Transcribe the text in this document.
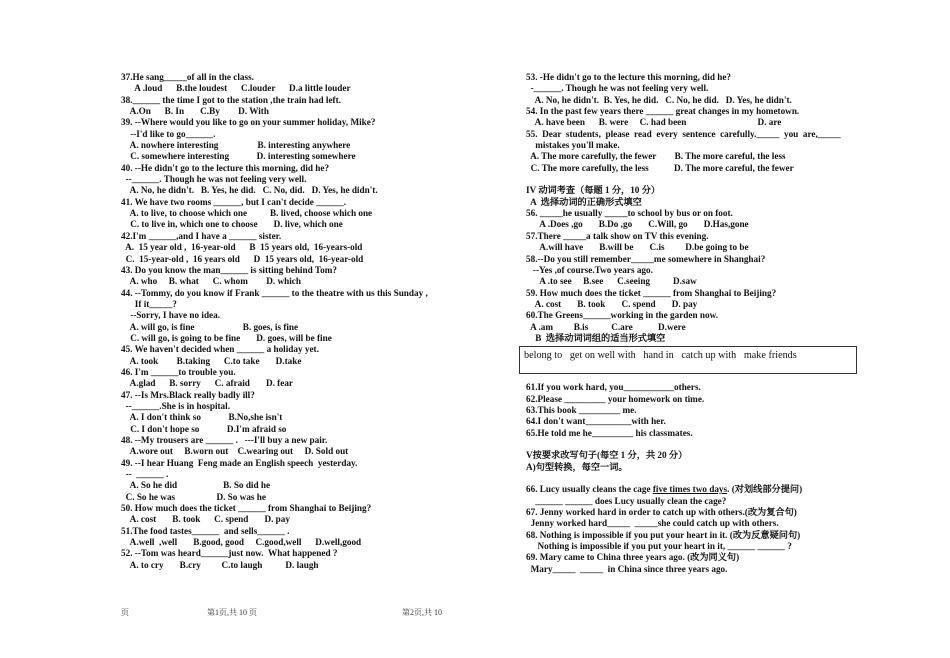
37.He sang_____of all in the class.
A .loud      B.the loudest      C.louder      D.a little louder
38.______ the time I got to the station ,the train had left.
A.On      B. In       C.By        D. With
39. --Where would you like to go on your summer holiday, Mike?
--I'd like to go______.
A. nowhere interesting                 B. interesting anywhere
C. somewhere interesting            D. interesting somewhere
40. --He didn't go to the lecture this morning, did he?
--______. Though he was not feeling very well.
A. No, he didn't.   B. Yes, he did.   C. No, did.   D. Yes, he didn't.
41. We have two rooms ______, but I can't decide ______.
A. to live, to choose which one          B. lived, choose which one
C. to live in, which one to choose       D. live, which one
42.I'm ______,and I have a ______ sister.
A.  15 year old ,  16-year-old      B  15 years old,  16-years-old
C.  15-year-old ,  16 years old      D  15 years old,  16-year-old
43. Do you know the man______ is sitting behind Tom?
A. who     B. what      C. whom        D. which
44. --Tommy, do you know if Frank ______ to the theatre with us this Sunday ,
If it_____?
--Sorry, I have no idea.
A. will go, is fine                     B. goes, is fine
C. will go, is going to be fine       D. goes, will be fine
45. We haven't decided when ______ a holiday yet.
A. took        B.taking      C.to take       D.take
46. I'm ______to trouble you.
A.glad      B. sorry      C. afraid       D. fear
47. --Is Mrs.Black really badly ill?
--______.She is in hospital.
A. I don't think so            B.No,she isn't
C. I don't hope so            D.I'm afraid so
48. --My trousers are ______ .   ---I'll buy a new pair.
A.wore out     B.worn out    C.wearing out     D. Sold out
49. --I hear Huang  Feng made an English speech  yesterday.
--  ______ .
A. So he did                    B. So did he
C. So he was                  D. So was he
50. How much does the ticket ______ from Shanghai to Beijing?
A. cost       B. took      C. spend       D. pay
51.The food tastes______  and sells______ .
A.well  ,well       B.good, good     C.good,well      D.well,good
52. --Tom was heard______just now.  What happened ?
A. to cry       B.cry         C.to laugh          D. laugh
53. -He didn't go to the lecture this morning, did he?
-______. Though he was not feeling very well.
A. No, he didn't.  B. Yes, he did.   C. No, he did.   D. Yes, he didn't.
54. In the past few years there ______ great changes in my hometown.
A. have been      B. were     C. had been                               D. are
55.  Dear  students,  please  read  every  sentence  carefully._____  you  are,_____
mistakes you'll make.
A. The more carefully, the fewer        B. The more careful, the less
C. The more carefully, the less           D. The more careful, the fewer
IV 动词考查（每题 1 分，10 分）
A  选择动词的正确形式填空
56. _____he usually _____to school by bus or on foot.
A .Does ,go       B.Do ,go       C.Will, go       D.Has,gone
57.There _____a talk show on TV this evening.
A.will have       B.will be       C.is         D.be going to be
58.--Do you still remember_____me somewhere in Shanghai?
--Yes ,of course.Two years ago.
A .to see     B.see      C.seeing          D.saw
59. How much does the ticket ______ from Shanghai to Beijing?
A. cost       B. took       C. spend       D. pay
60.The Greens______working in the garden now.
A .am         B.is          C.are           D.were
B  选择动词词组的适当形式填空
belong to   get on well with   hand in   catch up with   make friends
61.If you work hard, you___________others.
62.Please _________ your homework on time.
63.This book _________ me.
64.I don't want__________with her.
65.He told me he_________ his classmates.
V按要求改写句子(每空 1 分，共 20 分）
A)句型转换，每空一词。
66. Lucy usually cleans the cage five times two days. (对划线部分提问)
______ ______ does Lucy usually clean the cage?
67. Jenny worked hard in order to catch up with others.(改为复合句)
Jenny worked hard_____  _____she could catch up with others.
68. Nothing is impossible if you put your heart in it. (改为反意疑问句)
Nothing is impossible if you put your heart in it, ______ ______ ?
69. Mary came to China three years ago. (改为同义句)
Mary_____  _____  in China since three years ago.
页	第1页,共 10 页	第2页,共 10
